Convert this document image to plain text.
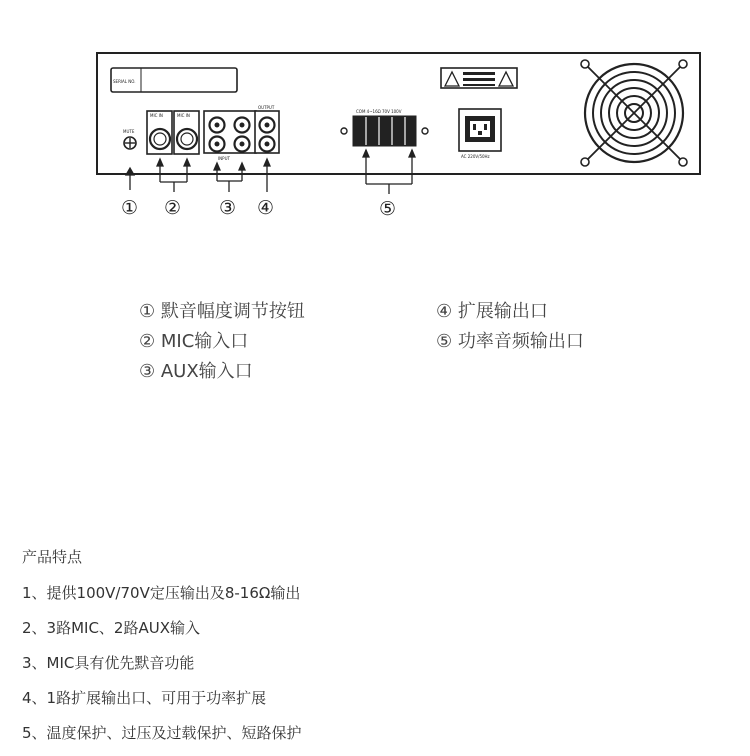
SERIAL NO.
MUTE
MIC IN	MIC IN
INPUT
OUTPUT
COM 4~16Ω 70V 100V
AC 220V/50Hz
① ② ③ ④	⑤
① 默音幅度调节按钮
② MIC输入口
③ AUX输入口
④ 扩展输出口
⑤ 功率音频输出口
产品特点
1、提供100V/70V定压输出及8-16Ω输出
2、3路MIC、2路AUX输入
3、MIC具有优先默音功能
4、1路扩展输出口、可用于功率扩展
5、温度保护、过压及过载保护、短路保护
